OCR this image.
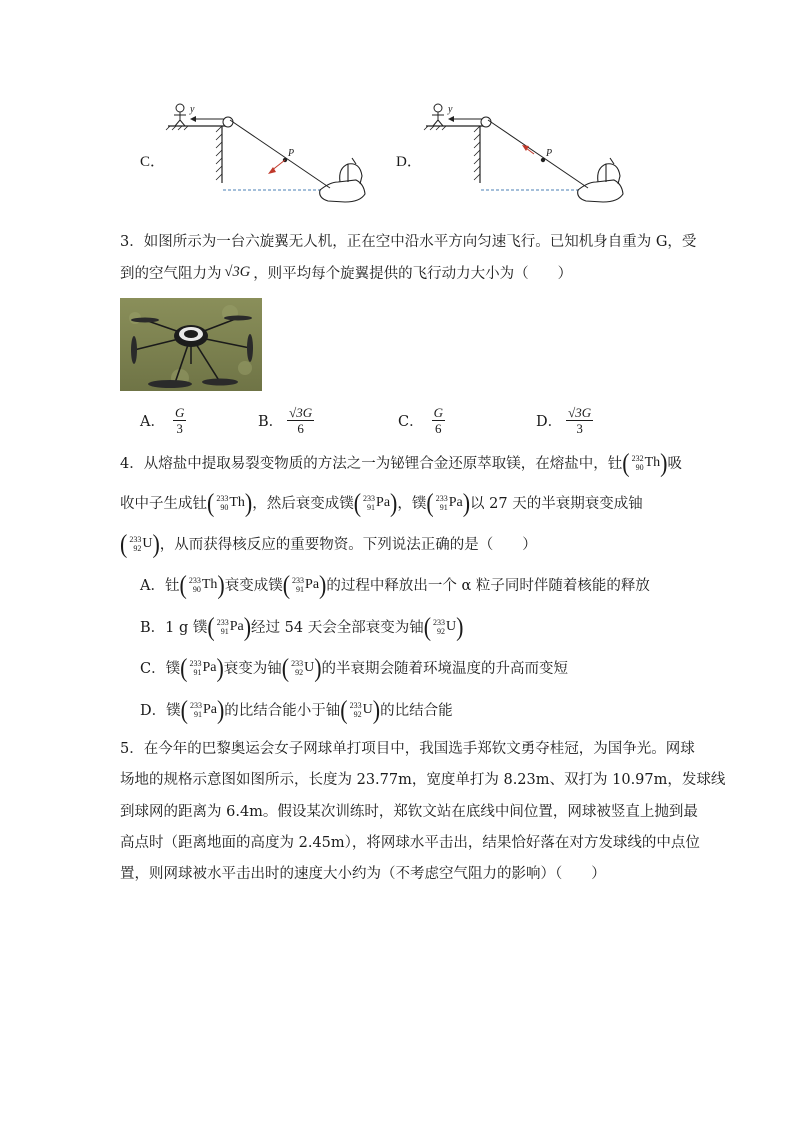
C．
y
P
D．
y
P
3．如图所示为一台六旋翼无人机，正在空中沿水平方向匀速飞行。已知机身自重为 G，受
到的空气阻力为 √3G ，则平均每个旋翼提供的飞行动力大小为（　　）
A． $\frac{G}{3}$	B． $\frac{√3G}{6}$	C． $\frac{G}{6}$	D． $\frac{√3G}{3}$
4．从熔盐中提取易裂变物质的方法之一为铋锂合金还原萃取镁，在熔盐中，钍 ( 232
90 Th ) 吸
收中子生成钍 ( 233
90 Th ) ，然后衰变成镤 ( 233
91 Pa ) ，镤 ( 233
91 Pa ) 以 27 天的半衰期衰变成铀
( 233
92 U ) ，从而获得核反应的重要物资。下列说法正确的是（　　）
A．钍 ( 233
90 Th ) 衰变成镤 ( 233
91 Pa ) 的过程中释放出一个 α 粒子同时伴随着核能的释放
B．1 g 镤 ( 233
91 Pa ) 经过 54 天会全部衰变为铀 ( 233
92 U )
C．镤 ( 233
91 Pa ) 衰变为铀 ( 233
92 U ) 的半衰期会随着环境温度的升高而变短
D．镤 ( 233
91 Pa ) 的比结合能小于铀 ( 233
92 U ) 的比结合能
5．在今年的巴黎奥运会女子网球单打项目中，我国选手郑钦文勇夺桂冠，为国争光。网球
场地的规格示意图如图所示，长度为 23.77m，宽度单打为 8.23m、双打为 10.97m，发球线
到球网的距离为 6.4m。假设某次训练时，郑钦文站在底线中间位置，网球被竖直上抛到最
高点时（距离地面的高度为 2.45m），将网球水平击出，结果恰好落在对方发球线的中点位
置，则网球被水平击出时的速度大小约为（不考虑空气阻力的影响）（　　）
